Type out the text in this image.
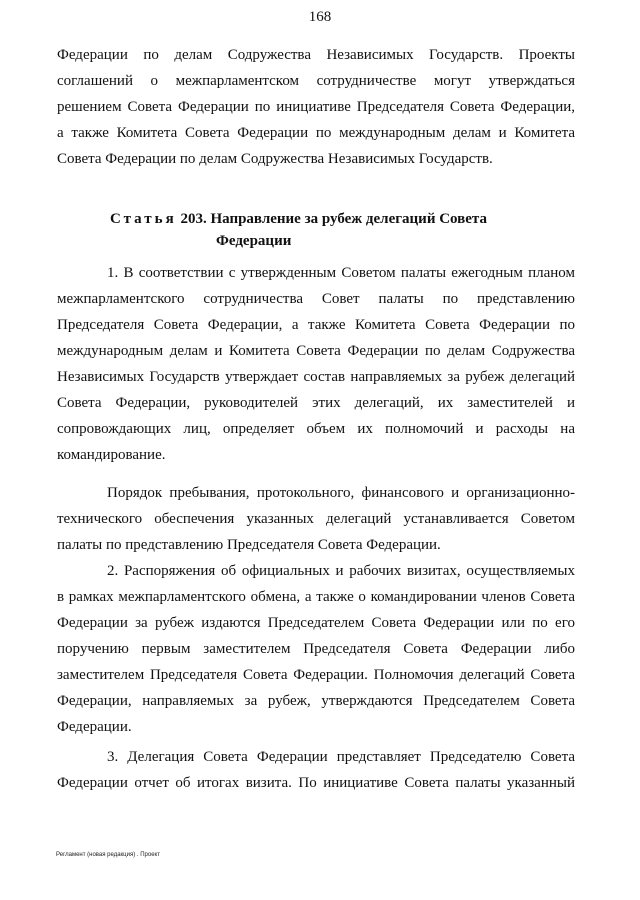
168
Федерации по делам Содружества Независимых Государств. Проекты
соглашений о межпарламентском сотрудничестве могут утверждаться
решением Совета Федерации по инициативе Председателя Совета Федерации,
а также Комитета Совета Федерации по международным делам и Комитета
Совета Федерации по делам Содружества Независимых Государств.
Статья 203. Направление за рубеж делегаций Совета
Федерации
1. В соответствии с утвержденным Советом палаты ежегодным планом
межпарламентского сотрудничества Совет палаты по представлению
Председателя Совета Федерации, а также Комитета Совета Федерации по
международным делам и Комитета Совета Федерации по делам Содружества
Независимых Государств утверждает состав направляемых за рубеж делегаций
Совета Федерации, руководителей этих делегаций, их заместителей и
сопровождающих лиц, определяет объем их полномочий и расходы на
командирование.
Порядок пребывания, протокольного, финансового и организационно-
технического обеспечения указанных делегаций устанавливается Советом
палаты по представлению Председателя Совета Федерации.
2. Распоряжения об официальных и рабочих визитах, осуществляемых
в рамках межпарламентского обмена, а также о командировании членов Совета
Федерации за рубеж издаются Председателем Совета Федерации или по его
поручению первым заместителем Председателя Совета Федерации либо
заместителем Председателя Совета Федерации. Полномочия делегаций Совета
Федерации, направляемых за рубеж, утверждаются Председателем Совета
Федерации.
3. Делегация Совета Федерации представляет Председателю Совета
Федерации отчет об итогах визита. По инициативе Совета палаты указанный
Регламент (новая редакция) . Проект
